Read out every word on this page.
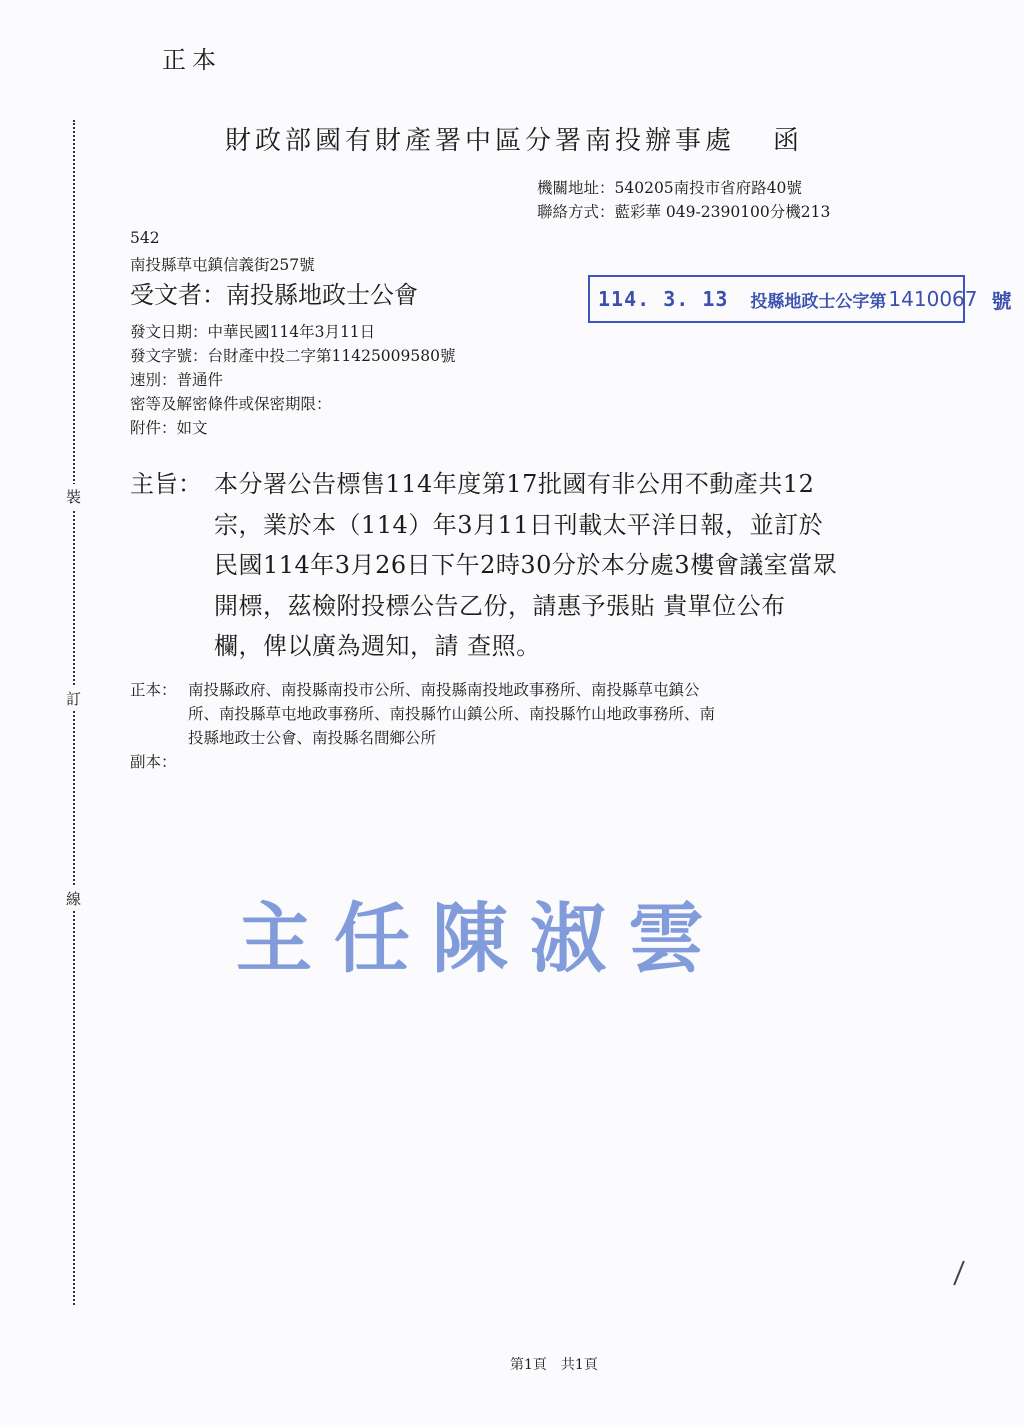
裝
訂
線
正本
財政部國有財產署中區分署南投辦事處 函
機關地址：540205南投市省府路40號
聯絡方式：藍彩華 049-2390100分機213
542
南投縣草屯鎮信義街257號
受文者：南投縣地政士公會	114. 3. 13 投縣地政士公字第 1410067 號
發文日期：中華民國114年3月11日
發文字號：台財產中投二字第11425009580號
速別：普通件
密等及解密條件或保密期限：
附件：如文
主旨： 本分署公告標售114年度第17批國有非公用不動產共12
宗，業於本（114）年3月11日刊載太平洋日報，並訂於
民國114年3月26日下午2時30分於本分處3樓會議室當眾
開標，茲檢附投標公告乙份，請惠予張貼 貴單位公布
欄，俾以廣為週知，請 查照。
正本： 南投縣政府、南投縣南投市公所、南投縣南投地政事務所、南投縣草屯鎮公
所、南投縣草屯地政事務所、南投縣竹山鎮公所、南投縣竹山地政事務所、南
投縣地政士公會、南投縣名間鄉公所
副本：
主任陳淑雲
第1頁 共1頁
